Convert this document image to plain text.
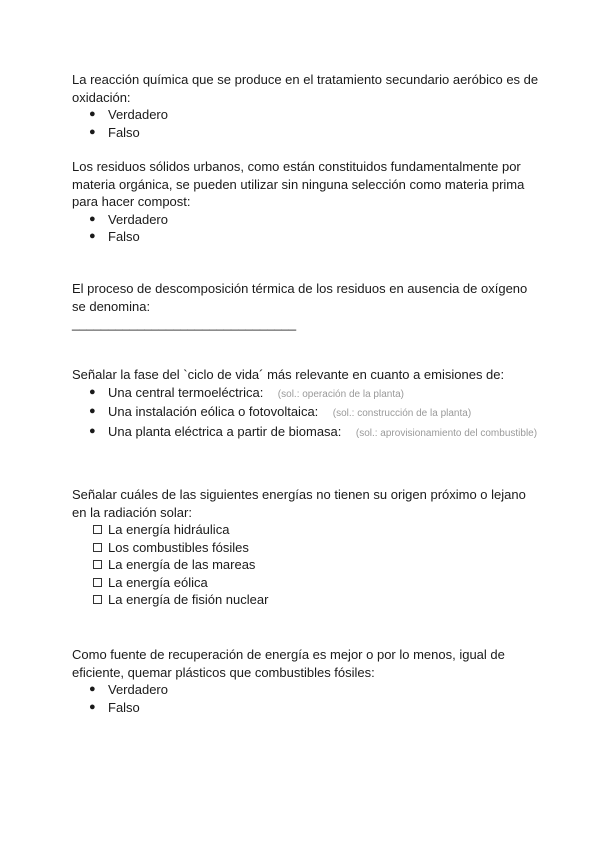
La reacción química que se produce en el tratamiento secundario aeróbico es de oxidación:

● Verdadero
● Falso

Los residuos sólidos urbanos, como están constituidos fundamentalmente por materia orgánica, se pueden utilizar sin ninguna selección como materia prima para hacer compost:

● Verdadero
● Falso

El proceso de descomposición térmica de los residuos en ausencia de oxígeno se denomina:

_______________________________

Señalar la fase del `ciclo de vida´ más relevante en cuanto a emisiones de:

● Una central termoeléctrica: (sol.: operación de la planta)
● Una instalación eólica o fotovoltaica: (sol.: construcción de la planta)
● Una planta eléctrica a partir de biomasa: (sol.: aprovisionamiento del combustible)

Señalar cuáles de las siguientes energías no tienen su origen próximo o lejano en la radiación solar:

La energía hidráulica
Los combustibles fósiles
La energía de las mareas
La energía eólica
La energía de fisión nuclear

Como fuente de recuperación de energía es mejor o por lo menos, igual de eficiente, quemar plásticos que combustibles fósiles:

● Verdadero
● Falso
